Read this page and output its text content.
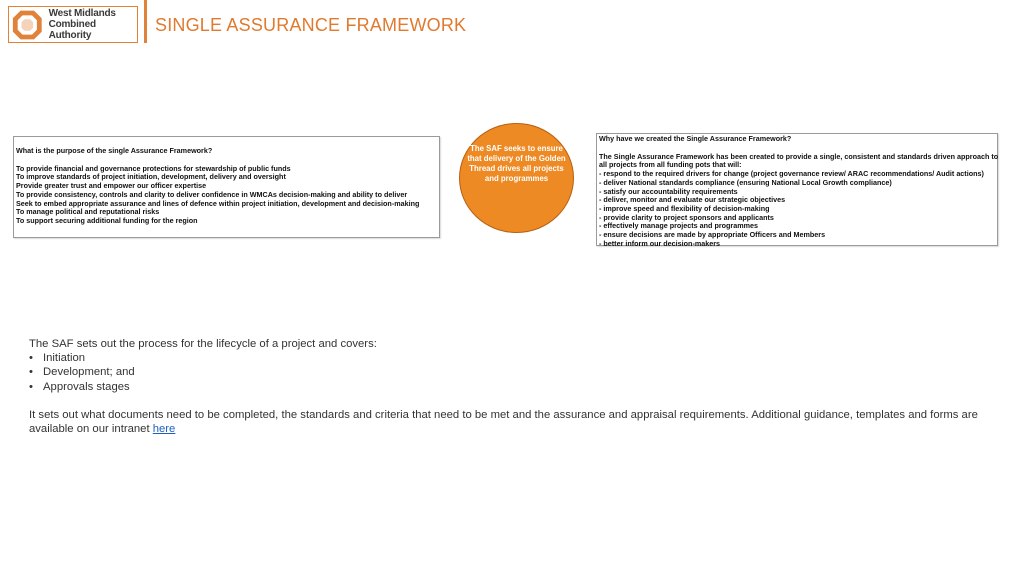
West Midlands
Combined Authority
SINGLE ASSURANCE FRAMEWORK

What is the purpose of the single Assurance Framework?

To provide financial and governance protections for stewardship of public funds

To improve standards of project initiation, development, delivery and oversight

Provide greater trust and empower our officer expertise

To provide consistency, controls and clarity to deliver confidence in WMCAs decision-making and ability to deliver

Seek to embed appropriate assurance and lines of defence within project initiation, development and decision-making

To manage political and reputational risks

To support securing additional funding for the region

The SAF seeks to ensure that delivery of the Golden Thread drives all projects and programmes

Why have we created the Single Assurance Framework?

The Single Assurance Framework has been created to provide a single, consistent and standards driven approach to

all projects from all funding pots that will:

- respond to the required drivers for change (project governance review/ ARAC recommendations/ Audit actions)

- deliver National standards compliance (ensuring National Local Growth compliance)

- satisfy our accountability requirements

- deliver, monitor and evaluate our strategic objectives

- improve speed and flexibility of decision-making

- provide clarity to project sponsors and applicants

- effectively manage projects and programmes

- ensure decisions are made by appropriate Officers and Members

- better inform our decision-makers

The SAF sets out the process for the lifecycle of a project and covers:

• Initiation
• Development; and
• Approvals stages

It sets out what documents need to be completed, the standards and criteria that need to be met and the assurance and appraisal requirements. Additional guidance, templates and forms are available on our intranet here
